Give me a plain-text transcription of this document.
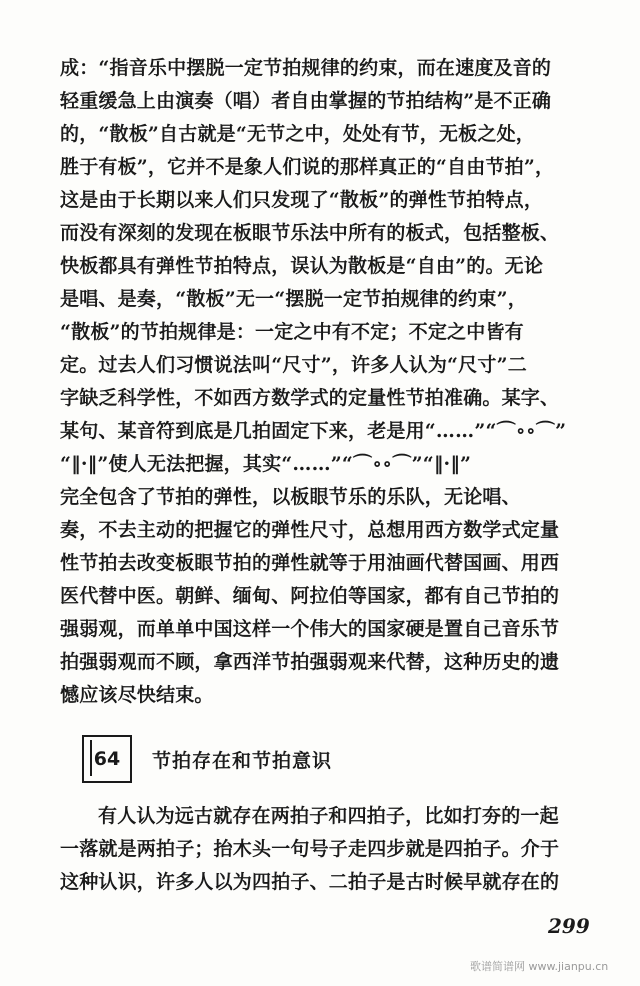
成：“指音乐中摆脱一定节拍规律的约束，而在速度及音的
轻重缓急上由演奏（唱）者自由掌握的节拍结构”是不正确
的，“散板”自古就是“无节之中，处处有节，无板之处，
胜于有板”，它并不是象人们说的那样真正的“自由节拍”，
这是由于长期以来人们只发现了“散板”的弹性节拍特点，
而没有深刻的发现在板眼节乐法中所有的板式，包括整板、
快板都具有弹性节拍特点，误认为散板是“自由”的。无论
是唱、是奏，“散板”无一“摆脱一定节拍规律的约束”，
“散板”的节拍规律是：一定之中有不定；不定之中皆有
定。过去人们习惯说法叫“尺寸”，许多人认为“尺寸”二
字缺乏科学性，不如西方数学式的定量性节拍准确。某字、
某句、某音符到底是几拍固定下来，老是用“……”“⌒∘∘⌒”
“‖·‖”使人无法把握，其实“……”“⌒∘∘⌒”“‖·‖”
完全包含了节拍的弹性，以板眼节乐的乐队，无论唱、
奏，不去主动的把握它的弹性尺寸，总想用西方数学式定量
性节拍去改变板眼节拍的弹性就等于用油画代替国画、用西
医代替中医。朝鲜、缅甸、阿拉伯等国家，都有自己节拍的
强弱观，而单单中国这样一个伟大的国家硬是置自己音乐节
拍强弱观而不顾，拿西洋节拍强弱观来代替，这种历史的遗
憾应该尽快结束。
64 节拍存在和节拍意识
有人认为远古就存在两拍子和四拍子，比如打夯的一起
一落就是两拍子；抬木头一句号子走四步就是四拍子。介于
这种认识，许多人以为四拍子、二拍子是古时候早就存在的
299
歌谱简谱网 www.jianpu.cn
